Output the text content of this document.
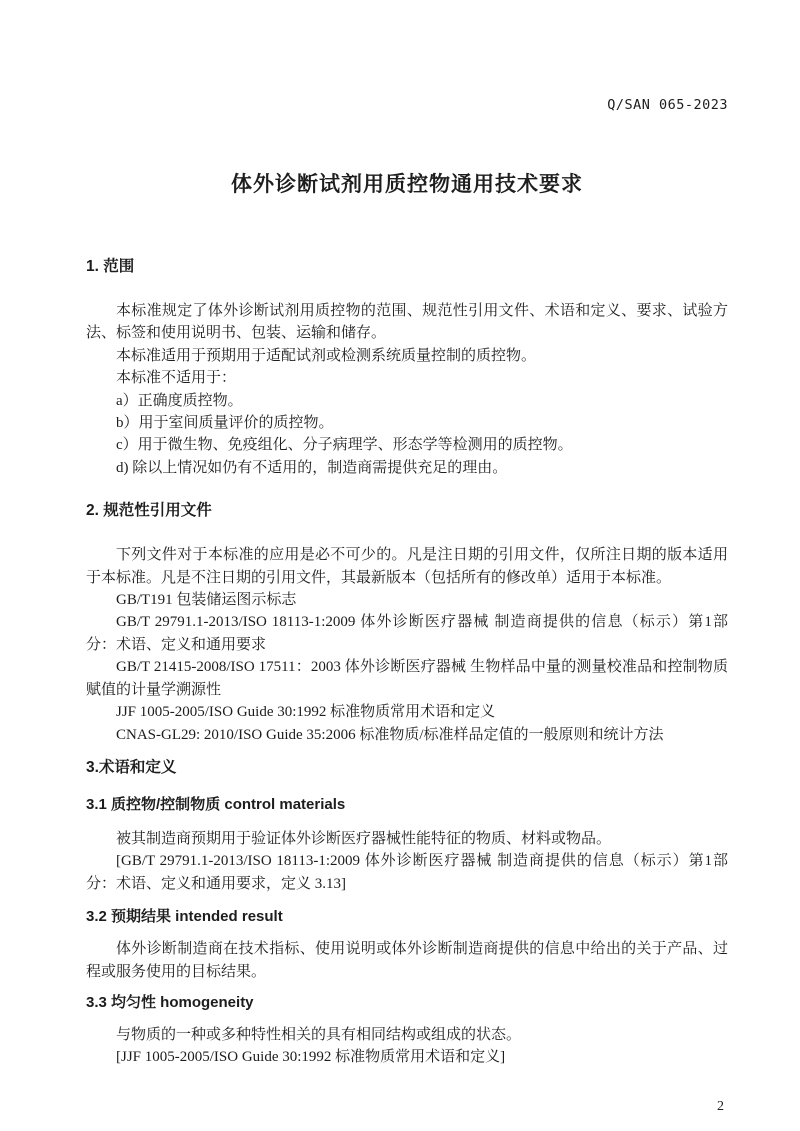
Q/SAN 065-2023

体外诊断试剂用质控物通用技术要求
1. 范围

本标准规定了体外诊断试剂用质控物的范围、规范性引用文件、术语和定义、要求、试验方法、标签和使用说明书、包装、运输和储存。

本标准适用于预期用于适配试剂或检测系统质量控制的质控物。

本标准不适用于：

a）正确度质控物。

b）用于室间质量评价的质控物。

c）用于微生物、免疫组化、分子病理学、形态学等检测用的质控物。

d) 除以上情况如仍有不适用的，制造商需提供充足的理由。

2. 规范性引用文件

下列文件对于本标准的应用是必不可少的。凡是注日期的引用文件，仅所注日期的版本适用于本标准。凡是不注日期的引用文件，其最新版本（包括所有的修改单）适用于本标准。

GB/T191 包装储运图示标志

GB/T 29791.1-2013/ISO 18113-1:2009 体外诊断医疗器械 制造商提供的信息（标示）第1部分：术语、定义和通用要求

GB/T 21415-2008/ISO 17511：2003 体外诊断医疗器械 生物样品中量的测量校准品和控制物质赋值的计量学溯源性

JJF 1005-2005/ISO Guide 30:1992 标准物质常用术语和定义

CNAS-GL29: 2010/ISO Guide 35:2006 标准物质/标准样品定值的一般原则和统计方法

3.术语和定义
3.1 质控物/控制物质 control materials

被其制造商预期用于验证体外诊断医疗器械性能特征的物质、材料或物品。

[GB/T 29791.1-2013/ISO 18113-1:2009 体外诊断医疗器械 制造商提供的信息（标示）第1部分：术语、定义和通用要求，定义 3.13]

3.2 预期结果 intended result

体外诊断制造商在技术指标、使用说明或体外诊断制造商提供的信息中给出的关于产品、过程或服务使用的目标结果。

3.3 均匀性 homogeneity

与物质的一种或多种特性相关的具有相同结构或组成的状态。

[JJF 1005-2005/ISO Guide 30:1992 标准物质常用术语和定义]

2
